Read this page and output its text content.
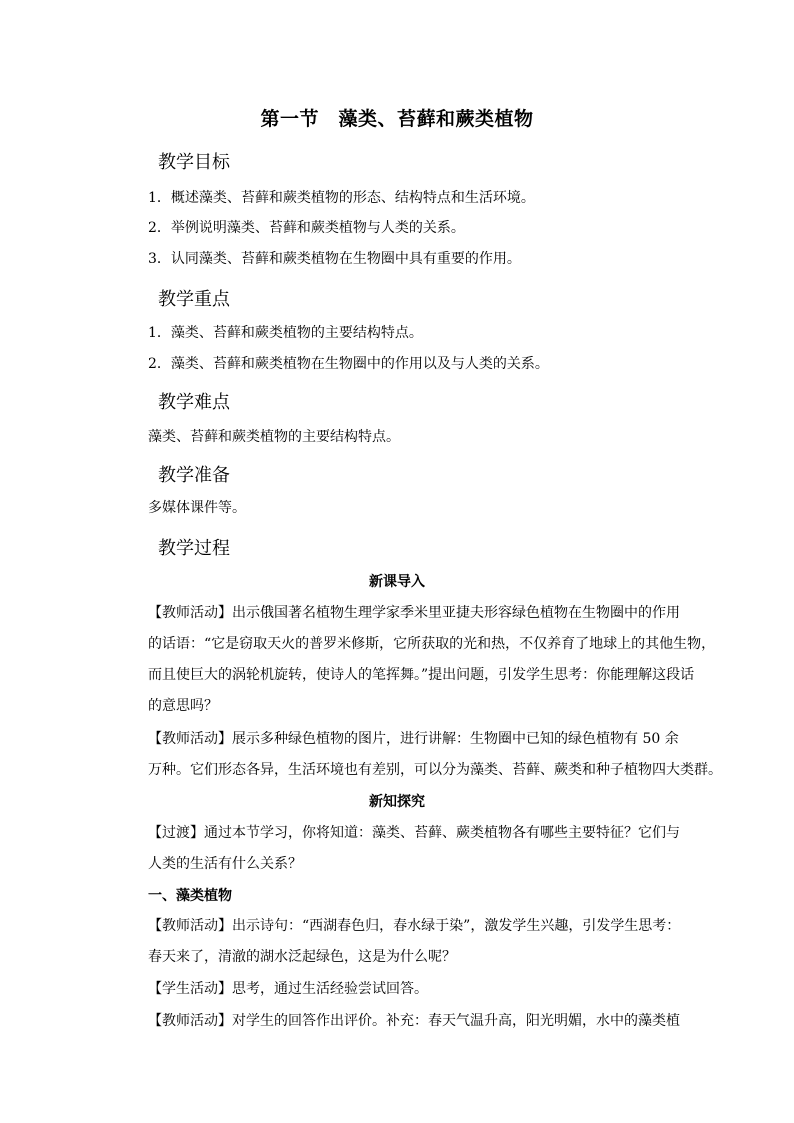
第一节　藻类、苔藓和蕨类植物
教学目标
1．概述藻类、苔藓和蕨类植物的形态、结构特点和生活环境。
2．举例说明藻类、苔藓和蕨类植物与人类的关系。
3．认同藻类、苔藓和蕨类植物在生物圈中具有重要的作用。
教学重点
1．藻类、苔藓和蕨类植物的主要结构特点。
2．藻类、苔藓和蕨类植物在生物圈中的作用以及与人类的关系。
教学难点
藻类、苔藓和蕨类植物的主要结构特点。
教学准备
多媒体课件等。
教学过程
新课导入
【教师活动】出示俄国著名植物生理学家季米里亚捷夫形容绿色植物在生物圈中的作用
的话语：“它是窃取天火的普罗米修斯，它所获取的光和热，不仅养育了地球上的其他生物，
而且使巨大的涡轮机旋转，使诗人的笔挥舞。”提出问题，引发学生思考：你能理解这段话
的意思吗？
【教师活动】展示多种绿色植物的图片，进行讲解：生物圈中已知的绿色植物有 50 余
万种。它们形态各异，生活环境也有差别，可以分为藻类、苔藓、蕨类和种子植物四大类群。
新知探究
【过渡】通过本节学习，你将知道：藻类、苔藓、蕨类植物各有哪些主要特征？它们与
人类的生活有什么关系？
一、藻类植物
【教师活动】出示诗句：“西湖春色归，春水绿于染”，激发学生兴趣，引发学生思考：
春天来了，清澈的湖水泛起绿色，这是为什么呢？
【学生活动】思考，通过生活经验尝试回答。
【教师活动】对学生的回答作出评价。补充：春天气温升高，阳光明媚，水中的藻类植
